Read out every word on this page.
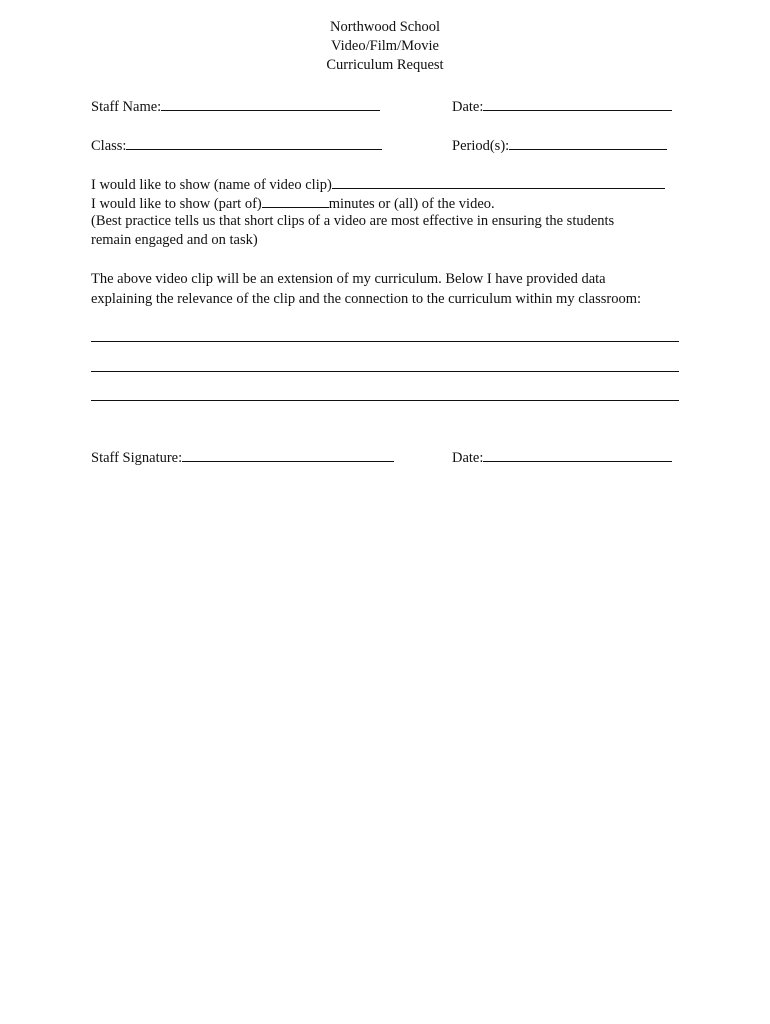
Northwood School
Video/Film/Movie
Curriculum Request
Staff Name:	Date:
Class:	Period(s):
I would like to show (name of video clip)
I would like to show (part of)	minutes or (all) of the video.
(Best practice tells us that short clips of a video are most effective in ensuring the students
remain engaged and on task)
The above video clip will be an extension of my curriculum. Below I have provided data
explaining the relevance of the clip and the connection to the curriculum within my classroom:
Staff Signature:	Date:
